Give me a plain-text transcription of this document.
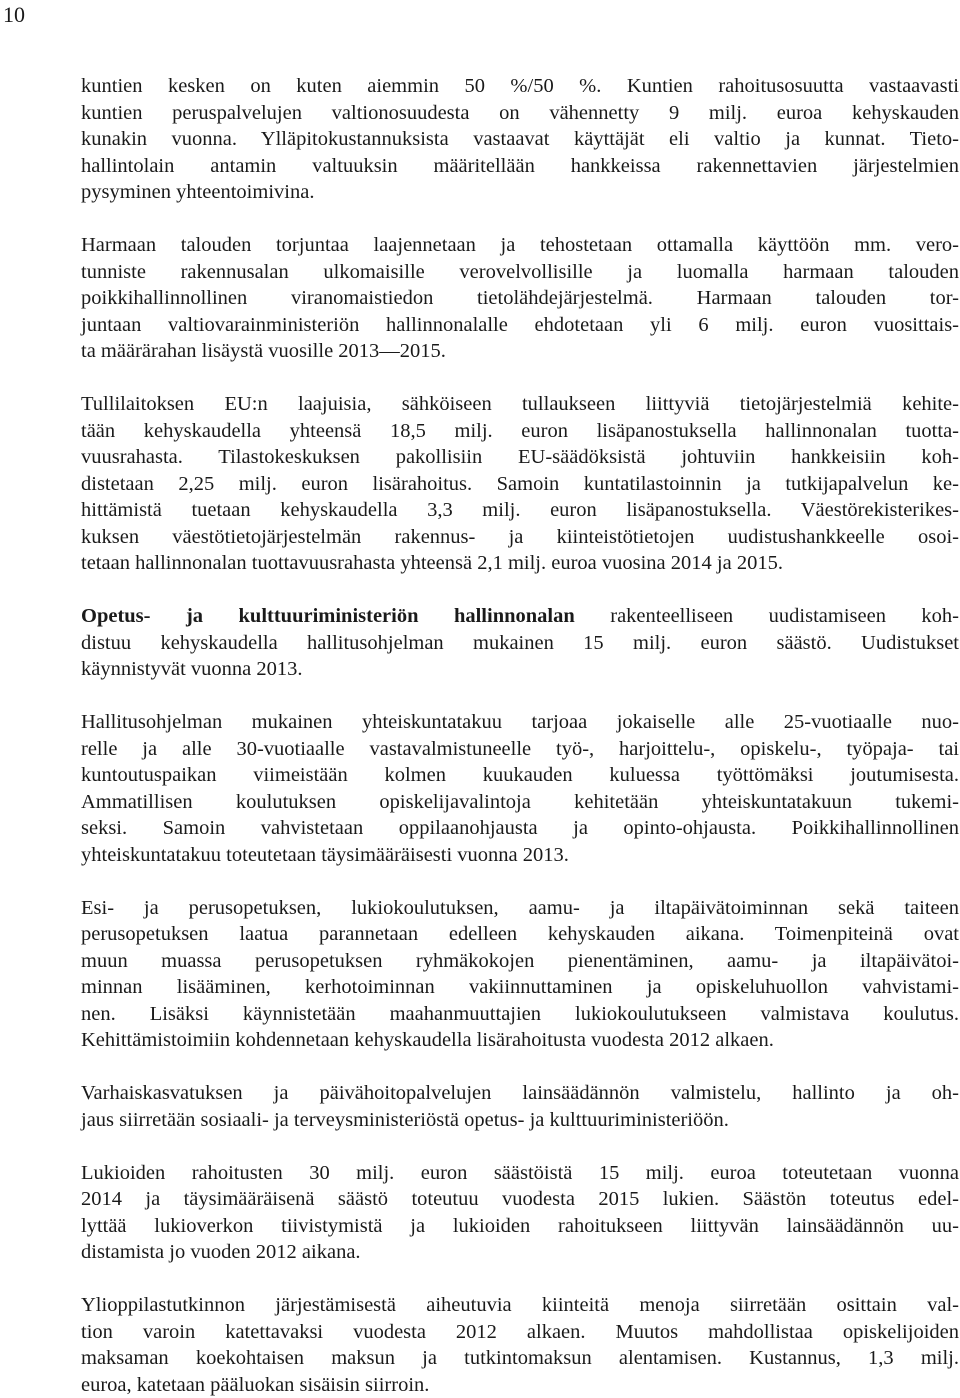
10
kuntien kesken on kuten aiemmin 50 %/50 %. Kuntien rahoitusosuutta vastaavasti
kuntien peruspalvelujen valtionosuudesta on vähennetty 9 milj. euroa kehyskauden
kunakin vuonna. Ylläpitokustannuksista vastaavat käyttäjät eli valtio ja kunnat. Tieto-
hallintolain antamin valtuuksin määritellään hankkeissa rakennettavien järjestelmien
pysyminen yhteentoimivina.
Harmaan talouden torjuntaa laajennetaan ja tehostetaan ottamalla käyttöön mm. vero-
tunniste rakennusalan ulkomaisille verovelvollisille ja luomalla harmaan talouden
poikkihallinnollinen viranomaistiedon tietolähdejärjestelmä. Harmaan talouden tor-
juntaan valtiovarainministeriön hallinnonalalle ehdotetaan yli 6 milj. euron vuosittais-
ta määrärahan lisäystä vuosille 2013—2015.
Tullilaitoksen EU:n laajuisia, sähköiseen tullaukseen liittyviä tietojärjestelmiä kehite-
tään kehyskaudella yhteensä 18,5 milj. euron lisäpanostuksella hallinnonalan tuotta-
vuusrahasta. Tilastokeskuksen pakollisiin EU-säädöksistä johtuviin hankkeisiin koh-
distetaan 2,25 milj. euron lisärahoitus. Samoin kuntatilastoinnin ja tutkijapalvelun ke-
hittämistä tuetaan kehyskaudella 3,3 milj. euron lisäpanostuksella. Väestörekisterikes-
kuksen väestötietojärjestelmän rakennus- ja kiinteistötietojen uudistushankkeelle osoi-
tetaan hallinnonalan tuottavuusrahasta yhteensä 2,1 milj. euroa vuosina 2014 ja 2015.
Opetus- ja kulttuuriministeriön hallinnonalan rakenteelliseen uudistamiseen koh-
distuu kehyskaudella hallitusohjelman mukainen 15 milj. euron säästö. Uudistukset
käynnistyvät vuonna 2013.
Hallitusohjelman mukainen yhteiskuntatakuu tarjoaa jokaiselle alle 25-vuotiaalle nuo-
relle ja alle 30-vuotiaalle vastavalmistuneelle työ-, harjoittelu-, opiskelu-, työpaja- tai
kuntoutuspaikan viimeistään kolmen kuukauden kuluessa työttömäksi joutumisesta.
Ammatillisen koulutuksen opiskelijavalintoja kehitetään yhteiskuntatakuun tukemi-
seksi. Samoin vahvistetaan oppilaanohjausta ja opinto-ohjausta. Poikkihallinnollinen
yhteiskuntatakuu toteutetaan täysimääräisesti vuonna 2013.
Esi- ja perusopetuksen, lukiokoulutuksen, aamu- ja iltapäivätoiminnan sekä taiteen
perusopetuksen laatua parannetaan edelleen kehyskauden aikana. Toimenpiteinä ovat
muun muassa perusopetuksen ryhmäkokojen pienentäminen, aamu- ja iltapäivätoi-
minnan lisääminen, kerhotoiminnan vakiinnuttaminen ja opiskeluhuollon vahvistami-
nen. Lisäksi käynnistetään maahanmuuttajien lukiokoulutukseen valmistava koulutus.
Kehittämistoimiin kohdennetaan kehyskaudella lisärahoitusta vuodesta 2012 alkaen.
Varhaiskasvatuksen ja päivähoitopalvelujen lainsäädännön valmistelu, hallinto ja oh-
jaus siirretään sosiaali- ja terveysministeriöstä opetus- ja kulttuuriministeriöön.
Lukioiden rahoitusten 30 milj. euron säästöistä 15 milj. euroa toteutetaan vuonna
2014 ja täysimääräisenä säästö toteutuu vuodesta 2015 lukien. Säästön toteutus edel-
lyttää lukioverkon tiivistymistä ja lukioiden rahoitukseen liittyvän lainsäädännön uu-
distamista jo vuoden 2012 aikana.
Ylioppilastutkinnon järjestämisestä aiheutuvia kiinteitä menoja siirretään osittain val-
tion varoin katettavaksi vuodesta 2012 alkaen. Muutos mahdollistaa opiskelijoiden
maksaman koekohtaisen maksun ja tutkintomaksun alentamisen. Kustannus, 1,3 milj.
euroa, katetaan pääluokan sisäisin siirroin.
